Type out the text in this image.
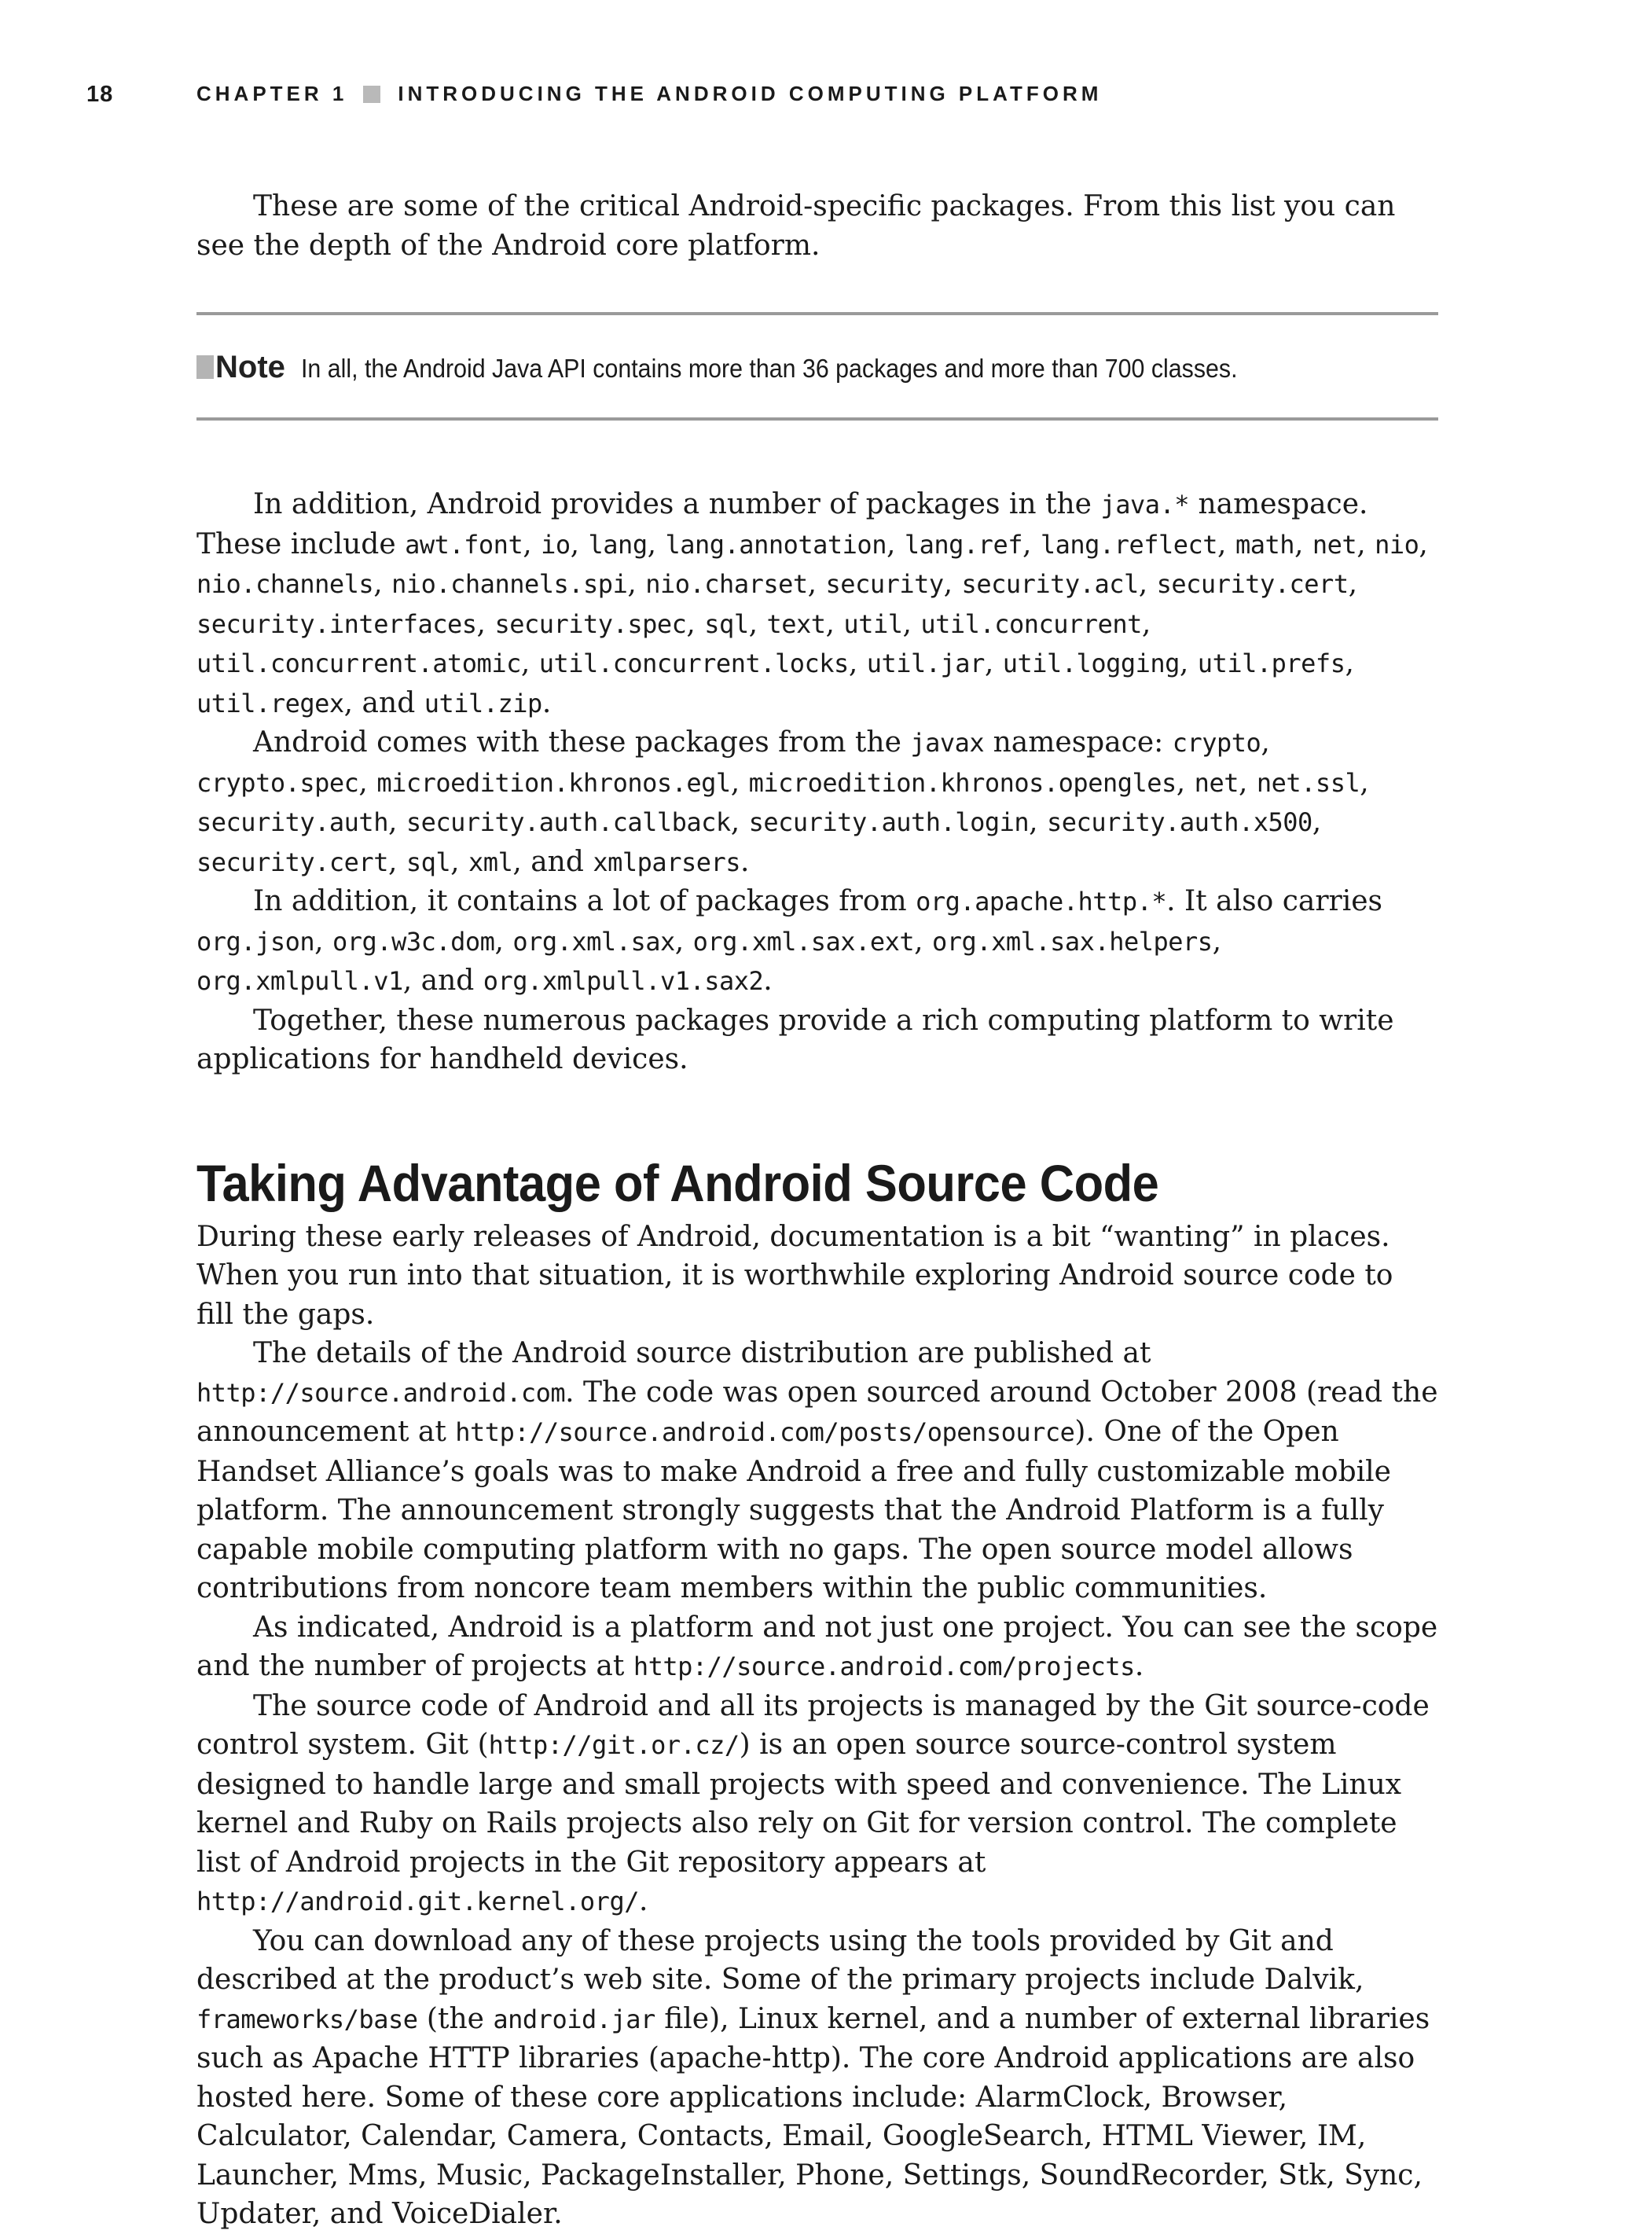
18	CHAPTER 1 INTRODUCING THE ANDROID COMPUTING PLATFORM

These are some of the critical Android-specific packages. From this list you can see the depth of the Android core platform.

Note In all, the Android Java API contains more than 36 packages and more than 700 classes.

In addition, Android provides a number of packages in the java.* namespace. These include awt.font, io, lang, lang.annotation, lang.ref, lang.reflect, math, net, nio, nio.channels, nio.channels.spi, nio.charset, security, security.acl, security.cert, security.interfaces, security.spec, sql, text, util, util.concurrent, util.concurrent.atomic, util.concurrent.locks, util.jar, util.logging, util.prefs, util.regex, and util.zip.

Android comes with these packages from the javax namespace: crypto, crypto.spec, microedition.khronos.egl, microedition.khronos.opengles, net, net.ssl, security.auth, security.auth.callback, security.auth.login, security.auth.x500, security.cert, sql, xml, and xmlparsers.

In addition, it contains a lot of packages from org.apache.http.*. It also carries org.json, org.w3c.dom, org.xml.sax, org.xml.sax.ext, org.xml.sax.helpers, org.xmlpull.v1, and org.xmlpull.v1.sax2.

Together, these numerous packages provide a rich computing platform to write applications for handheld devices.

Taking Advantage of Android Source Code

During these early releases of Android, documentation is a bit “wanting” in places. When you run into that situation, it is worthwhile exploring Android source code to fill the gaps.

The details of the Android source distribution are published at http://source.android.com. The code was open sourced around October 2008 (read the announcement at http://source.android.com/posts/opensource). One of the Open Handset Alliance’s goals was to make Android a free and fully customizable mobile platform. The announcement strongly suggests that the Android Platform is a fully capable mobile computing platform with no gaps. The open source model allows contributions from noncore team members within the public communities.

As indicated, Android is a platform and not just one project. You can see the scope and the number of projects at http://source.android.com/projects.

The source code of Android and all its projects is managed by the Git source-code control system. Git (http://git.or.cz/) is an open source source-control system designed to handle large and small projects with speed and convenience. The Linux kernel and Ruby on Rails projects also rely on Git for version control. The complete list of Android projects in the Git repository appears at http://android.git.kernel.org/.

You can download any of these projects using the tools provided by Git and described at the product’s web site. Some of the primary projects include Dalvik, frameworks/base (the android.jar file), Linux kernel, and a number of external libraries such as Apache HTTP libraries (apache-http). The core Android applications are also hosted here. Some of these core applications include: AlarmClock, Browser, Calculator, Calendar, Camera, Contacts, Email, GoogleSearch, HTML Viewer, IM, Launcher, Mms, Music, PackageInstaller, Phone, Settings, SoundRecorder, Stk, Sync, Updater, and VoiceDialer.
